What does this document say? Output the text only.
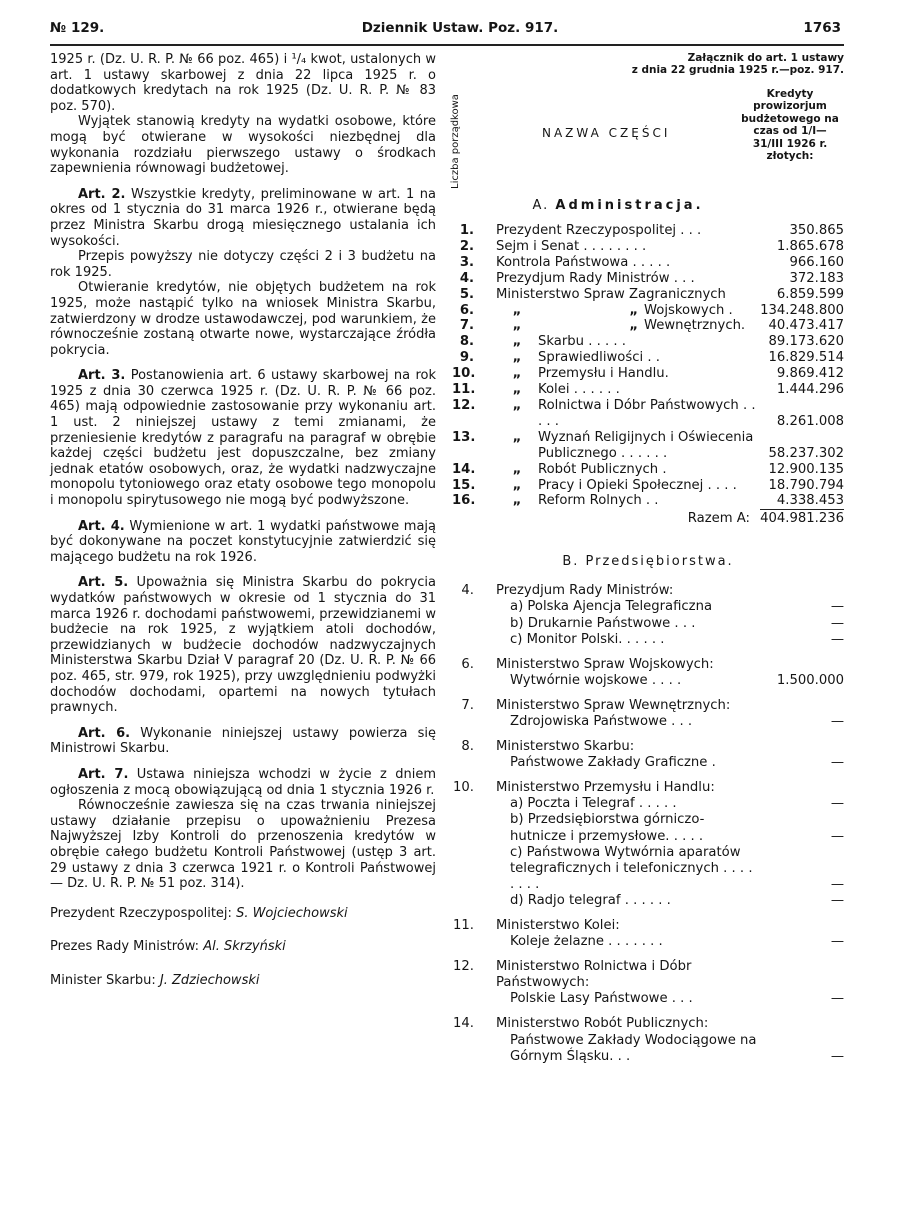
№ 129.	Dziennik Ustaw. Poz. 917.	1763

1925 r. (Dz. U. R. P. № 66 poz. 465) i ¹/₄ kwot, ustalonych w art. 1 ustawy skarbowej z dnia 22 lipca 1925 r. o dodatkowych kredytach na rok 1925 (Dz. U. R. P. № 83 poz. 570).

Wyjątek stanowią kredyty na wydatki osobowe, które mogą być otwierane w wysokości niezbędnej dla wykonania rozdziału pierwszego ustawy o środkach zapewnienia równowagi budżetowej.

Art. 2. Wszystkie kredyty, preliminowane w art. 1 na okres od 1 stycznia do 31 marca 1926 r., otwierane będą przez Ministra Skarbu drogą miesięcznego ustalania ich wysokości.

Przepis powyższy nie dotyczy części 2 i 3 budżetu na rok 1925.

Otwieranie kredytów, nie objętych budżetem na rok 1925, może nastąpić tylko na wniosek Ministra Skarbu, zatwierdzony w drodze ustawodawczej, pod warunkiem, że równocześnie zostaną otwarte nowe, wystarczające źródła pokrycia.

Art. 3. Postanowienia art. 6 ustawy skarbowej na rok 1925 z dnia 30 czerwca 1925 r. (Dz. U. R. P. № 66 poz. 465) mają odpowiednie zastosowanie przy wykonaniu art. 1 ust. 2 niniejszej ustawy z temi zmianami, że przeniesienie kredytów z paragrafu na paragraf w obrębie każdej części budżetu jest dopuszczalne, bez zmiany jednak etatów osobowych, oraz, że wydatki nadzwyczajne monopolu tytoniowego oraz etaty osobowe tego monopolu i monopolu spirytusowego nie mogą być podwyższone.

Art. 4. Wymienione w art. 1 wydatki państwowe mają być dokonywane na poczet konstytucyjnie zatwierdzić się mającego budżetu na rok 1926.

Art. 5. Upoważnia się Ministra Skarbu do pokrycia wydatków państwowych w okresie od 1 stycznia do 31 marca 1926 r. dochodami państwowemi, przewidzianemi w budżecie na rok 1925, z wyjątkiem atoli dochodów, przewidzianych w budżecie dochodów nadzwyczajnych Ministerstwa Skarbu Dział V paragraf 20 (Dz. U. R. P. № 66 poz. 465, str. 979, rok 1925), przy uwzględnieniu podwyżki dochodów dochodami, opartemi na nowych tytułach prawnych.

Art. 6. Wykonanie niniejszej ustawy powierza się Ministrowi Skarbu.

Art. 7. Ustawa niniejsza wchodzi w życie z dniem ogłoszenia z mocą obowiązującą od dnia 1 stycznia 1926 r.

Równocześnie zawiesza się na czas trwania niniejszej ustawy działanie przepisu o upoważnieniu Prezesa Najwyższej Izby Kontroli do przenoszenia kredytów w obrębie całego budżetu Kontroli Państwowej (ustęp 3 art. 29 ustawy z dnia 3 czerwca 1921 r. o Kontroli Państwowej — Dz. U. R. P. № 51 poz. 314).

Prezydent Rzeczypospolitej: S. Wojciechowski

Prezes Rady Ministrów: Al. Skrzyński

Minister Skarbu: J. Zdziechowski

Załącznik do art. 1 ustawy
z dnia 22 grudnia 1925 r.—poz. 917.
Liczba porządkowa	NAZWA CZĘŚCI
Kredyty prowizorjum budżetowego na czas od 1/I—31/III 1926 r. złotych:
A. Administracja.
1.	Prezydent Rzeczypospolitej . . .	350.865
2.	Sejm i Senat . . . . . . . .	1.865.678
3.	Kontrola Państwowa . . . . .	966.160
4.	Prezydjum Rady Ministrów . . .	372.183
5.	Ministerstwo Spraw Zagranicznych	6.859.599
6.	„	„ Wojskowych .	134.248.800
7.	„	„ Wewnętrznych.	40.473.417
8.	„	Skarbu . . . . .	89.173.620
9.	„	Sprawiedliwości . .	16.829.514
10.	„	Przemysłu i Handlu.	9.869.412
11.	„	Kolei . . . . . .	1.444.296
12.	„	Rolnictwa i Dóbr Państwowych . . . . .	8.261.008
13.	„	Wyznań Religijnych i Oświecenia Publicznego . . . . . .	58.237.302
14.	„	Robót Publicznych .	12.900.135
15.	„	Pracy i Opieki Społecznej . . . .	18.790.794
16.	„	Reform Rolnych . .	4.338.453
Razem A: 404.981.236
B. Przedsiębiorstwa.
4.	Prezydjum Rady Ministrów:
a) Polska Ajencja Telegraficzna	—
b) Drukarnie Państwowe . . .	—
c) Monitor Polski. . . . . .	—
6.	Ministerstwo Spraw Wojskowych:
Wytwórnie wojskowe . . . .	1.500.000
7.	Ministerstwo Spraw Wewnętrznych:
Zdrojowiska Państwowe . . .	—
8.	Ministerstwo Skarbu:
Państwowe Zakłady Graficzne .	—
10.	Ministerstwo Przemysłu i Handlu:
a) Poczta i Telegraf . . . . .	—
b) Przedsiębiorstwa górniczo-hutnicze i przemysłowe. . . . .	—
c) Państwowa Wytwórnia aparatów telegraficznych i telefonicznych . . . . . . . .	—
d) Radjo telegraf . . . . . .	—
11.	Ministerstwo Kolei:
Koleje żelazne . . . . . . .	—
12.	Ministerstwo Rolnictwa i Dóbr Państwowych:
Polskie Lasy Państwowe . . .	—
14.	Ministerstwo Robót Publicznych:
Państwowe Zakłady Wodociągowe na Górnym Śląsku. . .	—
